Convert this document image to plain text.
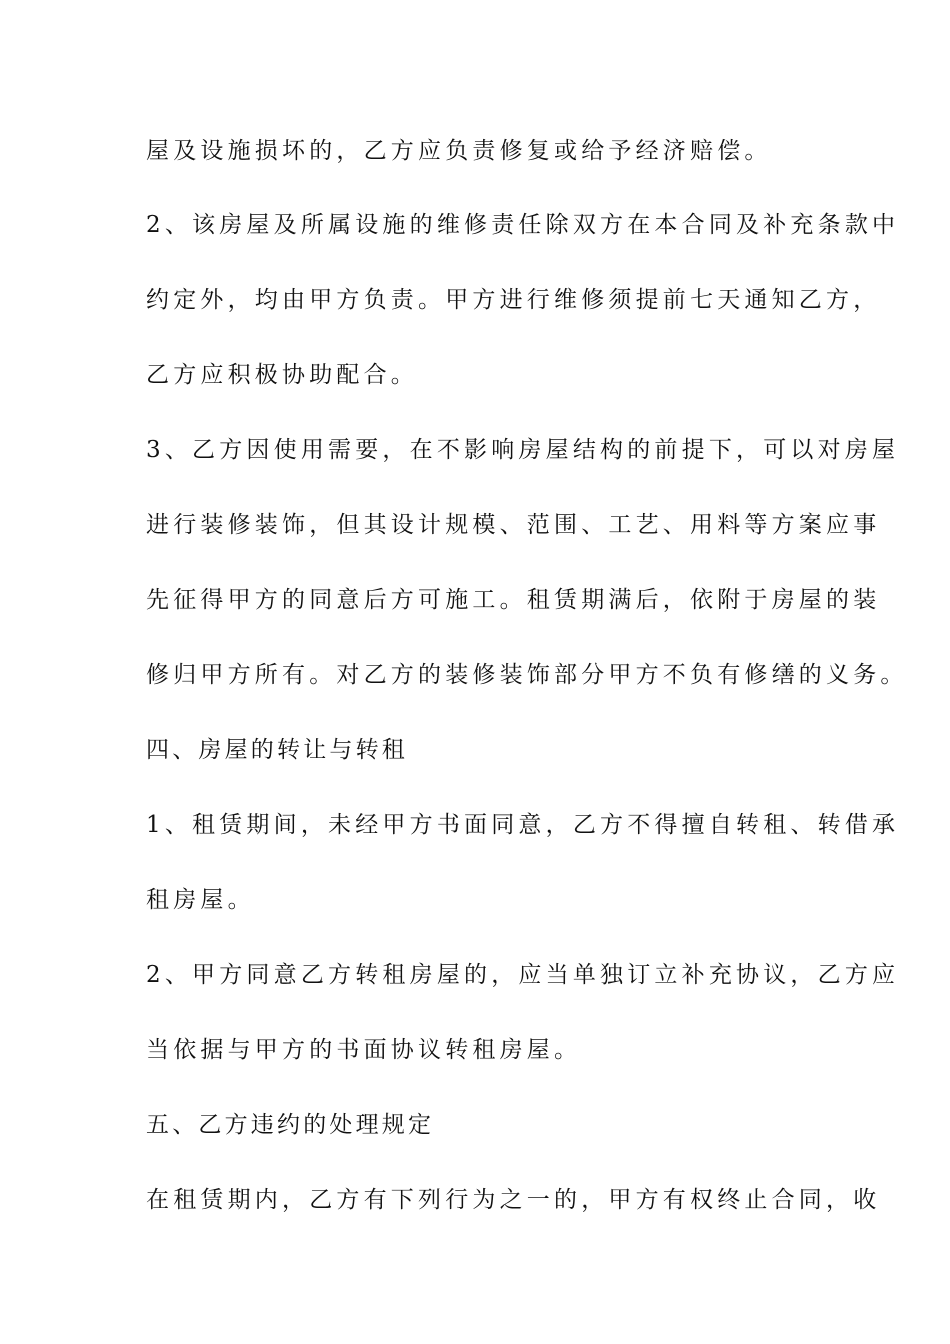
屋及设施损坏的，乙方应负责修复或给予经济赔偿。

2、该房屋及所属设施的维修责任除双方在本合同及补充条款中

约定外，均由甲方负责。甲方进行维修须提前七天通知乙方，

乙方应积极协助配合。

3、乙方因使用需要，在不影响房屋结构的前提下，可以对房屋

进行装修装饰，但其设计规模、范围、工艺、用料等方案应事

先征得甲方的同意后方可施工。租赁期满后，依附于房屋的装

修归甲方所有。对乙方的装修装饰部分甲方不负有修缮的义务。

四、房屋的转让与转租

1、租赁期间，未经甲方书面同意，乙方不得擅自转租、转借承

租房屋。

2、甲方同意乙方转租房屋的，应当单独订立补充协议，乙方应

当依据与甲方的书面协议转租房屋。

五、乙方违约的处理规定

在租赁期内，乙方有下列行为之一的，甲方有权终止合同，收
